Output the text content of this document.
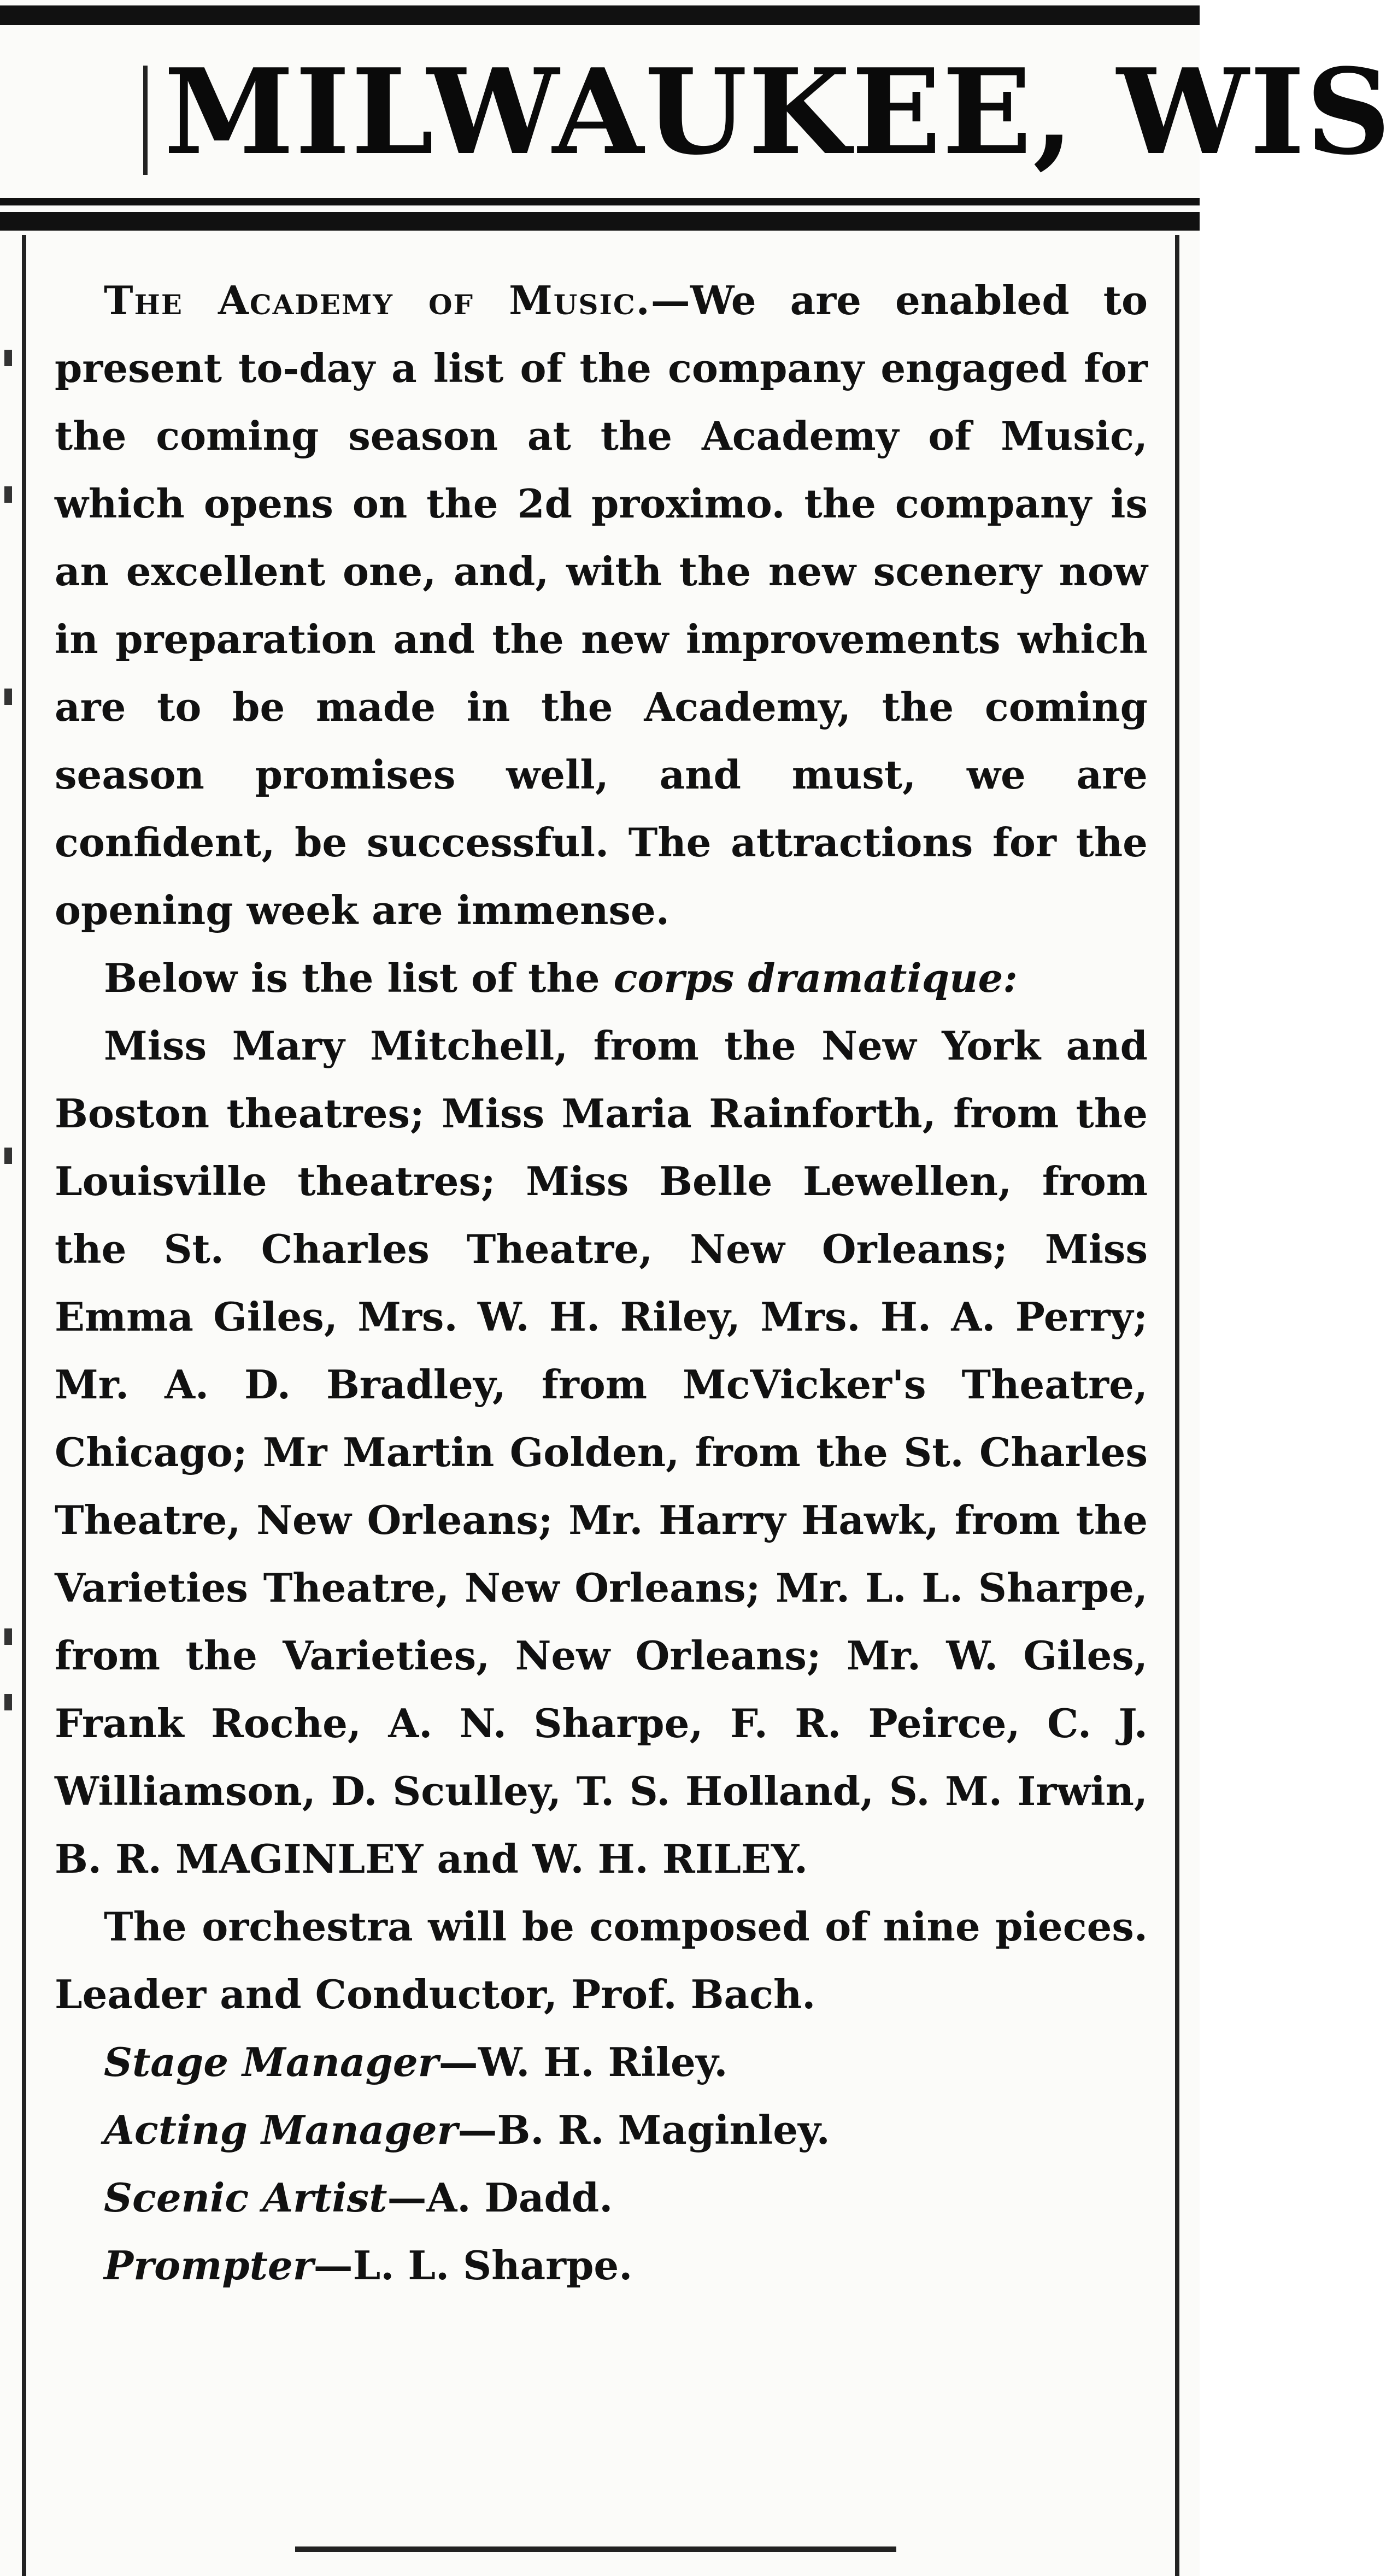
MILWAUKEE, WIS

The Academy of Music.—We are enabled to present to-day a list of the company engaged for the coming season at the Academy of Music, which opens on the 2d proximo. the company is an excellent one, and, with the new scenery now in preparation and the new improvements which are to be made in the Academy, the coming season promises well, and must, we are confident, be successful. The attractions for the opening week are immense.

Below is the list of the corps dramatique:

Miss Mary Mitchell, from the New York and Boston theatres; Miss Maria Rainforth, from the Louisville theatres; Miss Belle Lewellen, from the St. Charles Theatre, New Orleans; Miss Emma Giles, Mrs. W. H. Riley, Mrs. H. A. Perry; Mr. A. D. Bradley, from McVicker's Theatre, Chicago; Mr Martin Golden, from the St. Charles Theatre, New Orleans; Mr. Harry Hawk, from the Varieties Theatre, New Orleans; Mr. L. L. Sharpe, from the Varieties, New Orleans; Mr. W. Giles, Frank Roche, A. N. Sharpe, F. R. Peirce, C. J. Williamson, D. Sculley, T. S. Holland, S. M. Irwin, B. R. MAGINLEY and W. H. RILEY.

The orchestra will be composed of nine pieces. Leader and Conductor, Prof. Bach.

Stage Manager—W. H. Riley.
Acting Manager—B. R. Maginley.
Scenic Artist—A. Dadd.
Prompter—L. L. Sharpe.
